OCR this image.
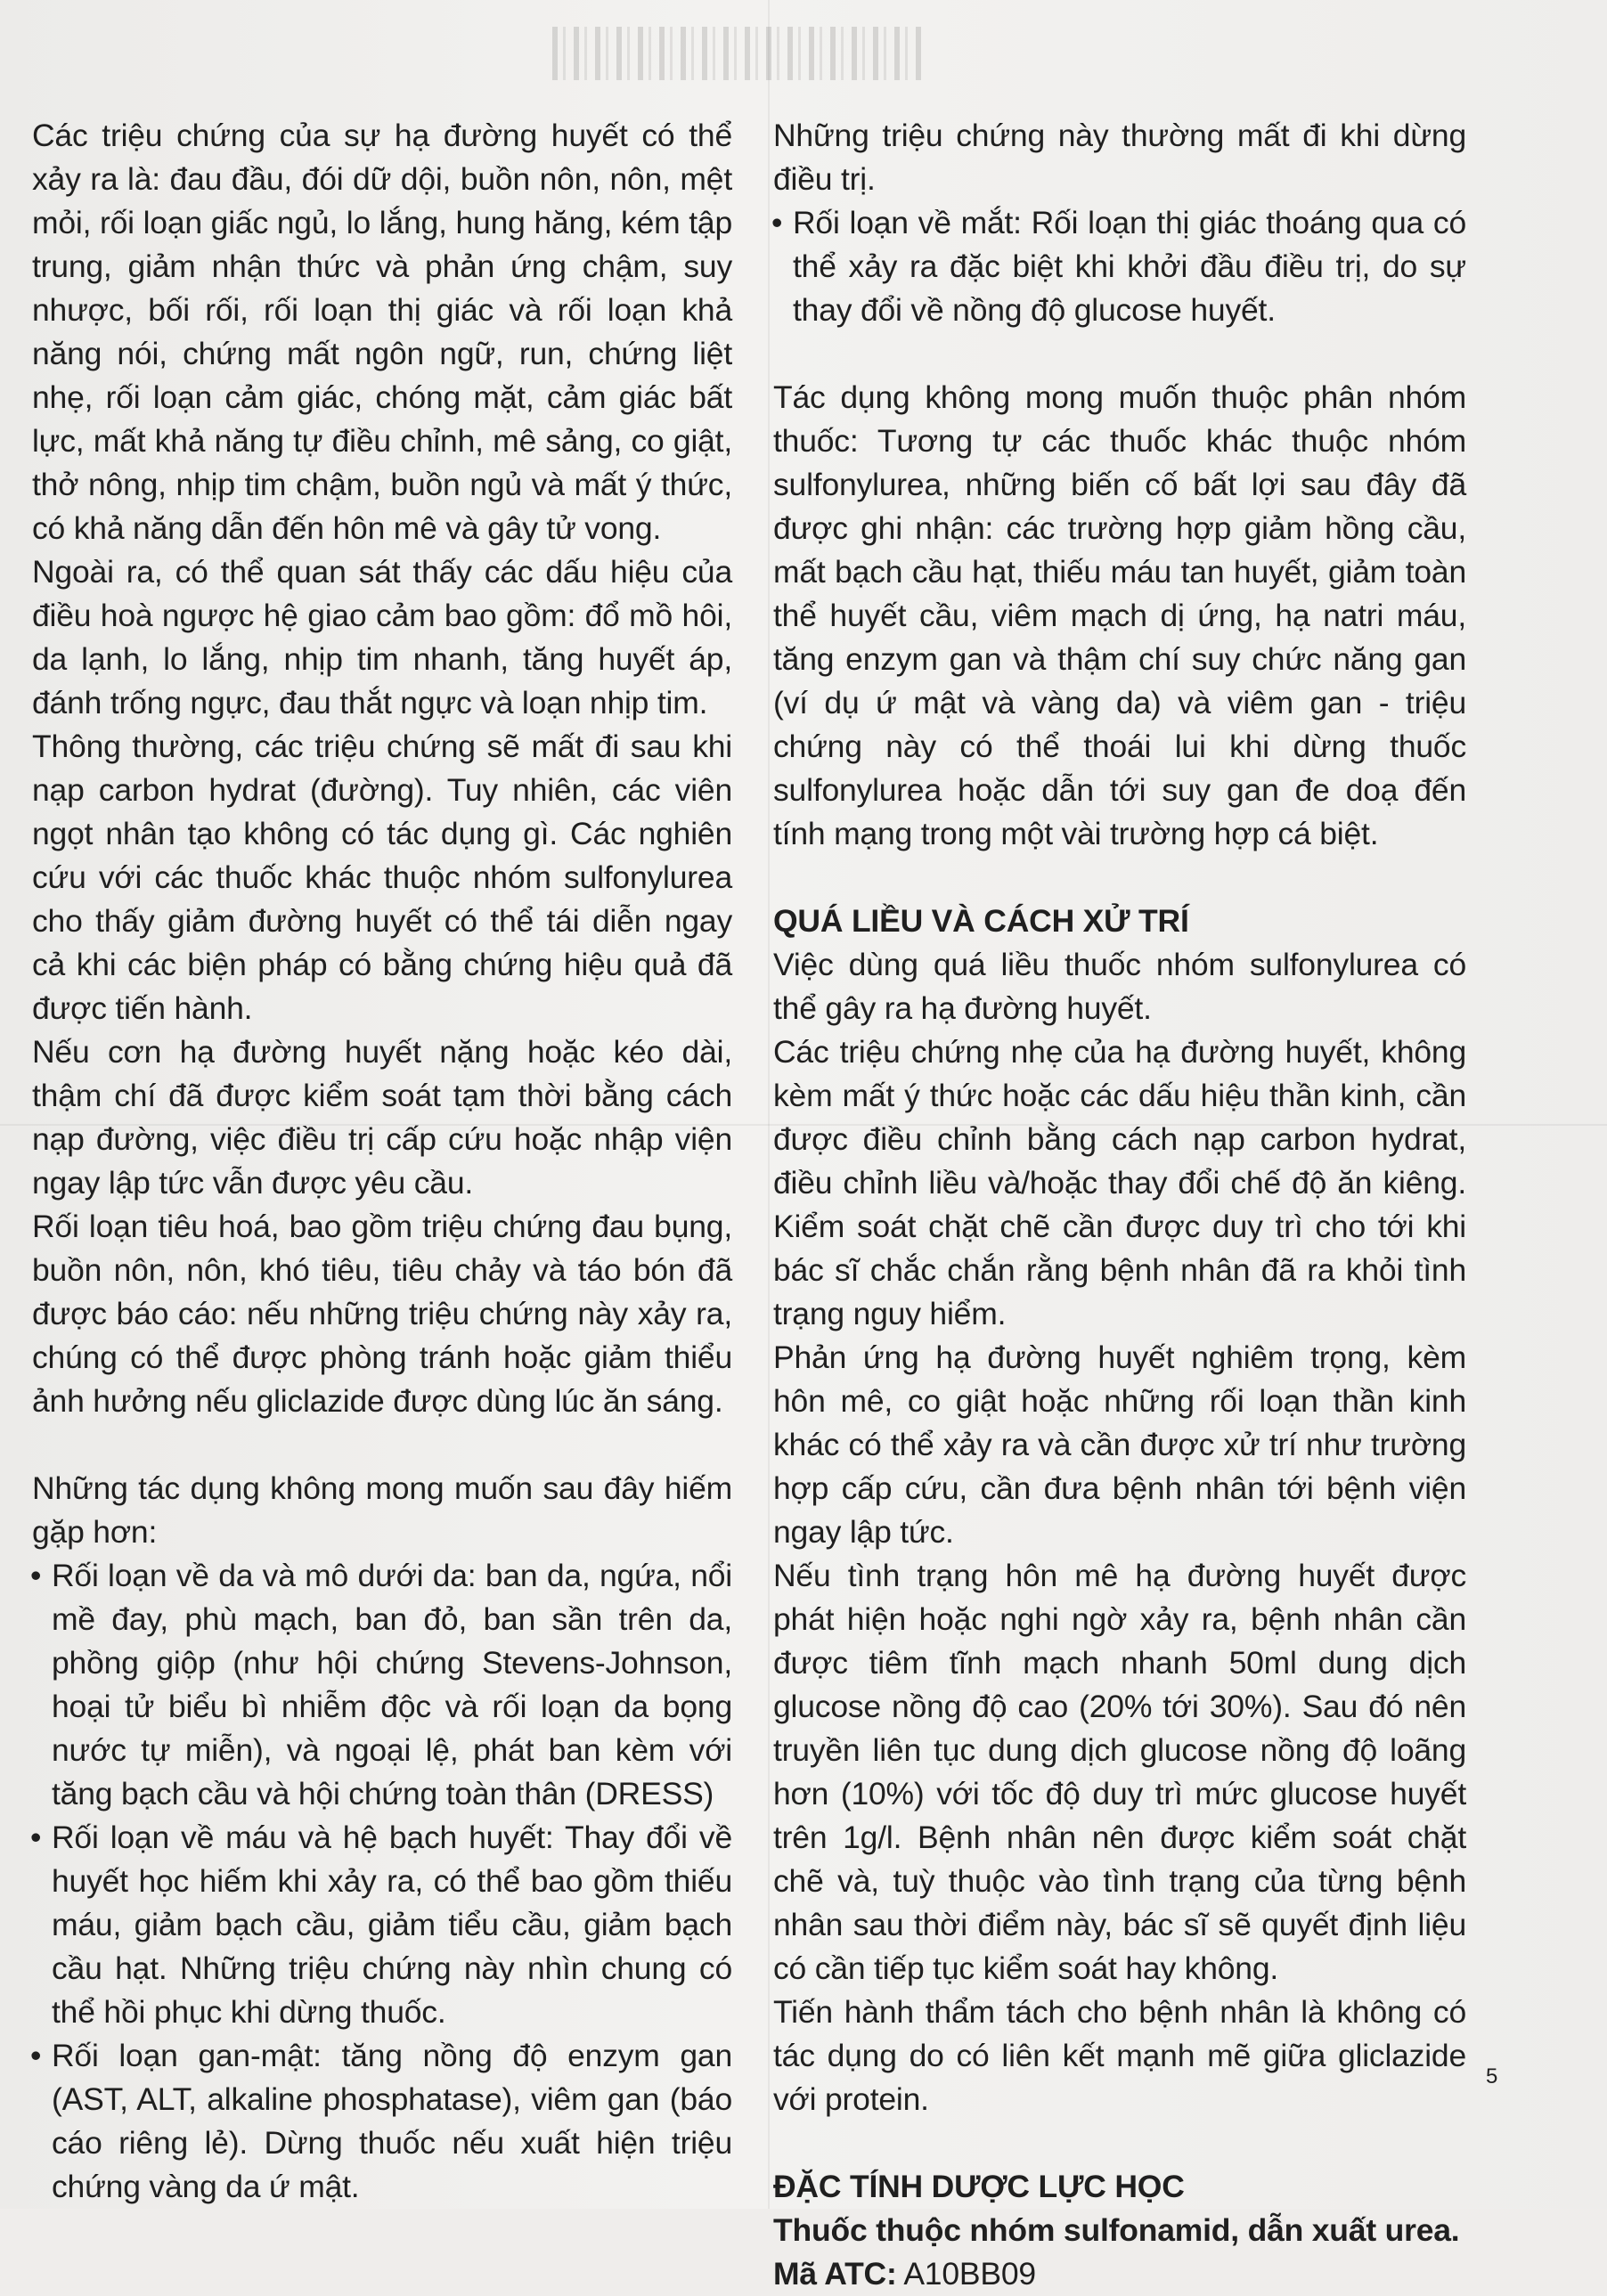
Các triệu chứng của sự hạ đường huyết có thể xảy ra là: đau đầu, đói dữ dội, buồn nôn, nôn, mệt mỏi, rối loạn giấc ngủ, lo lắng, hung hăng, kém tập trung, giảm nhận thức và phản ứng chậm, suy nhược, bối rối, rối loạn thị giác và rối loạn khả năng nói, chứng mất ngôn ngữ, run, chứng liệt nhẹ, rối loạn cảm giác, chóng mặt, cảm giác bất lực, mất khả năng tự điều chỉnh, mê sảng, co giật, thở nông, nhịp tim chậm, buồn ngủ và mất ý thức, có khả năng dẫn đến hôn mê và gây tử vong.

Ngoài ra, có thể quan sát thấy các dấu hiệu của điều hoà ngược hệ giao cảm bao gồm: đổ mồ hôi, da lạnh, lo lắng, nhịp tim nhanh, tăng huyết áp, đánh trống ngực, đau thắt ngực và loạn nhịp tim.

Thông thường, các triệu chứng sẽ mất đi sau khi nạp carbon hydrat (đường). Tuy nhiên, các viên ngọt nhân tạo không có tác dụng gì. Các nghiên cứu với các thuốc khác thuộc nhóm sulfonylurea cho thấy giảm đường huyết có thể tái diễn ngay cả khi các biện pháp có bằng chứng hiệu quả đã được tiến hành.

Nếu cơn hạ đường huyết nặng hoặc kéo dài, thậm chí đã được kiểm soát tạm thời bằng cách nạp đường, việc điều trị cấp cứu hoặc nhập viện ngay lập tức vẫn được yêu cầu.

Rối loạn tiêu hoá, bao gồm triệu chứng đau bụng, buồn nôn, nôn, khó tiêu, tiêu chảy và táo bón đã được báo cáo: nếu những triệu chứng này xảy ra, chúng có thể được phòng tránh hoặc giảm thiểu ảnh hưởng nếu gliclazide được dùng lúc ăn sáng.

Những tác dụng không mong muốn sau đây hiếm gặp hơn:

• Rối loạn về da và mô dưới da: ban da, ngứa, nổi mề đay, phù mạch, ban đỏ, ban sần trên da, phồng giộp (như hội chứng Stevens-Johnson, hoại tử biểu bì nhiễm độc và rối loạn da bọng nước tự miễn), và ngoại lệ, phát ban kèm với tăng bạch cầu và hội chứng toàn thân (DRESS)

• Rối loạn về máu và hệ bạch huyết: Thay đổi về huyết học hiếm khi xảy ra, có thể bao gồm thiếu máu, giảm bạch cầu, giảm tiểu cầu, giảm bạch cầu hạt. Những triệu chứng này nhìn chung có thể hồi phục khi dừng thuốc.

• Rối loạn gan-mật: tăng nồng độ enzym gan (AST, ALT, alkaline phosphatase), viêm gan (báo cáo riêng lẻ). Dừng thuốc nếu xuất hiện triệu chứng vàng da ứ mật.

Những triệu chứng này thường mất đi khi dừng điều trị.

• Rối loạn về mắt: Rối loạn thị giác thoáng qua có thể xảy ra đặc biệt khi khởi đầu điều trị, do sự thay đổi về nồng độ glucose huyết.

Tác dụng không mong muốn thuộc phân nhóm thuốc: Tương tự các thuốc khác thuộc nhóm sulfonylurea, những biến cố bất lợi sau đây đã được ghi nhận: các trường hợp giảm hồng cầu, mất bạch cầu hạt, thiếu máu tan huyết, giảm toàn thể huyết cầu, viêm mạch dị ứng, hạ natri máu, tăng enzym gan và thậm chí suy chức năng gan (ví dụ ứ mật và vàng da) và viêm gan - triệu chứng này có thể thoái lui khi dừng thuốc sulfonylurea hoặc dẫn tới suy gan đe doạ đến tính mạng trong một vài trường hợp cá biệt.

QUÁ LIỀU VÀ CÁCH XỬ TRÍ

Việc dùng quá liều thuốc nhóm sulfonylurea có thể gây ra hạ đường huyết.

Các triệu chứng nhẹ của hạ đường huyết, không kèm mất ý thức hoặc các dấu hiệu thần kinh, cần được điều chỉnh bằng cách nạp carbon hydrat, điều chỉnh liều và/hoặc thay đổi chế độ ăn kiêng. Kiểm soát chặt chẽ cần được duy trì cho tới khi bác sĩ chắc chắn rằng bệnh nhân đã ra khỏi tình trạng nguy hiểm.

Phản ứng hạ đường huyết nghiêm trọng, kèm hôn mê, co giật hoặc những rối loạn thần kinh khác có thể xảy ra và cần được xử trí như trường hợp cấp cứu, cần đưa bệnh nhân tới bệnh viện ngay lập tức.

Nếu tình trạng hôn mê hạ đường huyết được phát hiện hoặc nghi ngờ xảy ra, bệnh nhân cần được tiêm tĩnh mạch nhanh 50ml dung dịch glucose nồng độ cao (20% tới 30%). Sau đó nên truyền liên tục dung dịch glucose nồng độ loãng hơn (10%) với tốc độ duy trì mức glucose huyết trên 1g/l. Bệnh nhân nên được kiểm soát chặt chẽ và, tuỳ thuộc vào tình trạng của từng bệnh nhân sau thời điểm này, bác sĩ sẽ quyết định liệu có cần tiếp tục kiểm soát hay không.

Tiến hành thẩm tách cho bệnh nhân là không có tác dụng do có liên kết mạnh mẽ giữa gliclazide với protein.

ĐẶC TÍNH DƯỢC LỰC HỌC

Thuốc thuộc nhóm sulfonamid, dẫn xuất urea.

Mã ATC: A10BB09

5
